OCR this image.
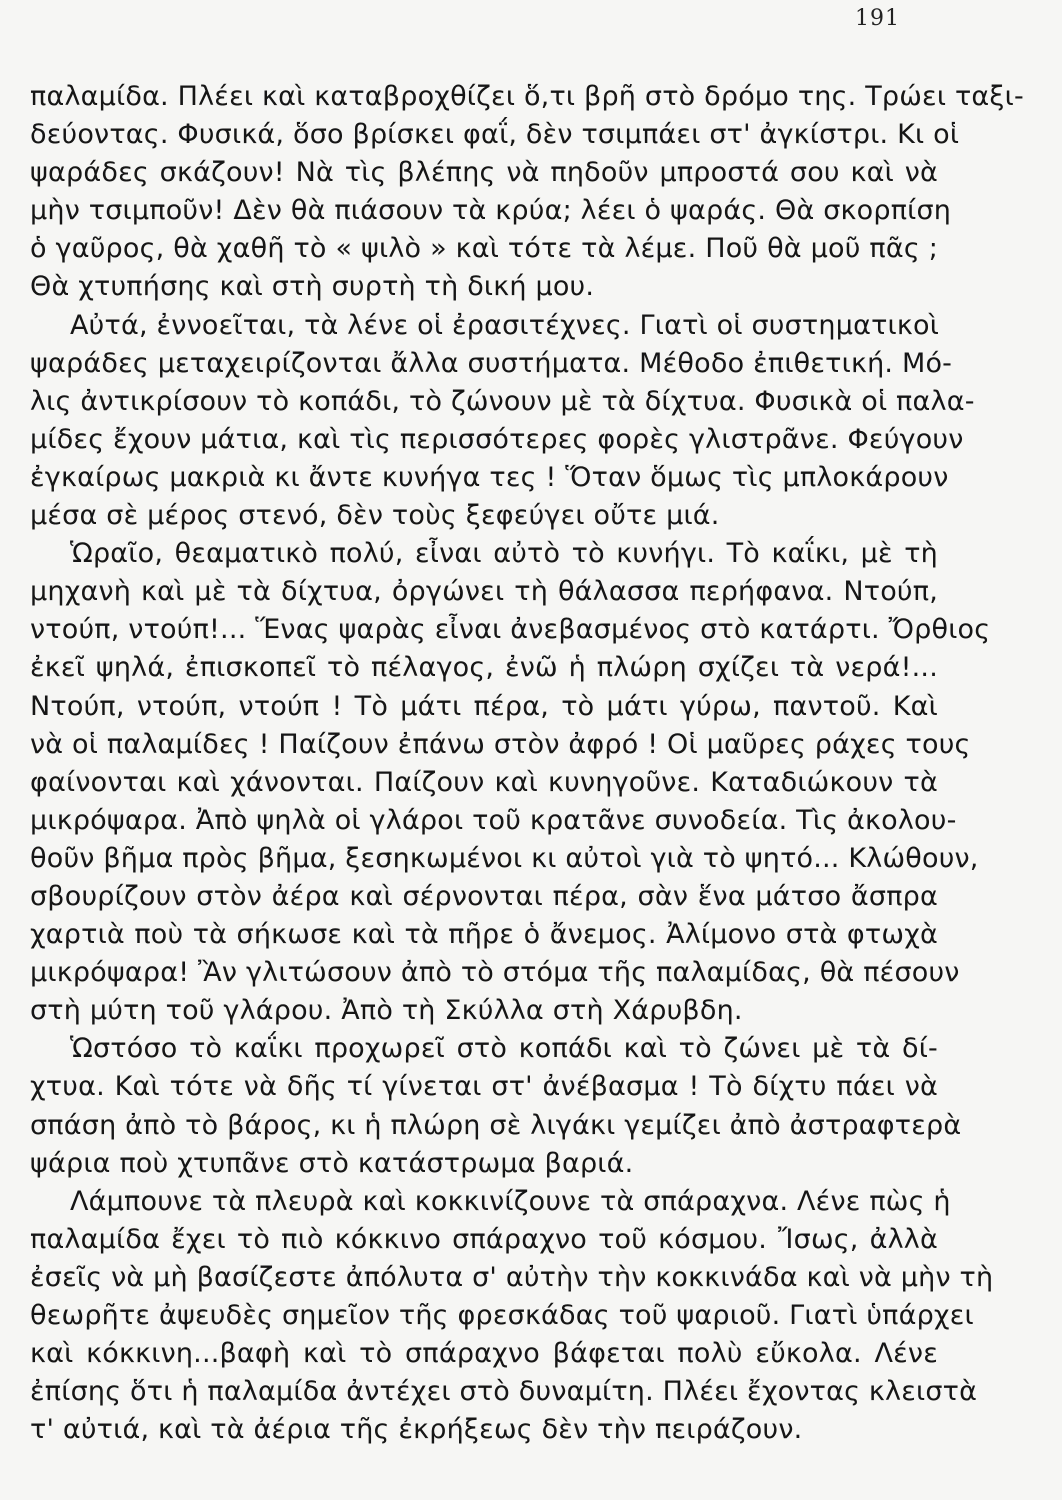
191
παλαμίδα. Πλέει καὶ καταβροχθίζει ὅ,τι βρῆ στὸ δρόμο της. Τρώει ταξι-
δεύοντας. Φυσικά, ὅσο βρίσκει φαΐ, δὲν τσιμπάει στ' ἀγκίστρι. Κι οἱ
ψαράδες σκάζουν! Νὰ τὶς βλέπης νὰ πηδοῦν μπροστά σου καὶ νὰ
μὴν τσιμποῦν! Δὲν θὰ πιάσουν τὰ κρύα; λέει ὁ ψαράς. Θὰ σκορπίση
ὁ γαῦρος, θὰ χαθῆ τὸ « ψιλὸ » καὶ τότε τὰ λέμε. Ποῦ θὰ μοῦ πᾶς ;
Θὰ χτυπήσης καὶ στὴ συρτὴ τὴ δική μου.
Αὐτά, ἐννοεῖται, τὰ λένε οἱ ἐρασιτέχνες. Γιατὶ οἱ συστηματικοὶ
ψαράδες μεταχειρίζονται ἄλλα συστήματα. Μέθοδο ἐπιθετική. Μό-
λις ἀντικρίσουν τὸ κοπάδι, τὸ ζώνουν μὲ τὰ δίχτυα. Φυσικὰ οἱ παλα-
μίδες ἔχουν μάτια, καὶ τὶς περισσότερες φορὲς γλιστρᾶνε. Φεύγουν
ἐγκαίρως μακριὰ κι ἄντε κυνήγα τες ! Ὅταν ὅμως τὶς μπλοκάρουν
μέσα σὲ μέρος στενό, δὲν τοὺς ξεφεύγει οὔτε μιά.
Ὡραῖο, θεαματικὸ πολύ, εἶναι αὐτὸ τὸ κυνήγι. Τὸ καΐκι, μὲ τὴ
μηχανὴ καὶ μὲ τὰ δίχτυα, ὀργώνει τὴ θάλασσα περήφανα. Ντούπ,
ντούπ, ντούπ!... Ἕνας ψαρὰς εἶναι ἀνεβασμένος στὸ κατάρτι. Ὄρθιος
ἐκεῖ ψηλά, ἐπισκοπεῖ τὸ πέλαγος, ἐνῶ ἡ πλώρη σχίζει τὰ νερά!...
Ντούπ, ντούπ, ντούπ ! Τὸ μάτι πέρα, τὸ μάτι γύρω, παντοῦ. Καὶ
νὰ οἱ παλαμίδες ! Παίζουν ἐπάνω στὸν ἀφρό ! Οἱ μαῦρες ράχες τους
φαίνονται καὶ χάνονται. Παίζουν καὶ κυνηγοῦνε. Καταδιώκουν τὰ
μικρόψαρα. Ἀπὸ ψηλὰ οἱ γλάροι τοῦ κρατᾶνε συνοδεία. Τὶς ἀκολου-
θοῦν βῆμα πρὸς βῆμα, ξεσηκωμένοι κι αὐτοὶ γιὰ τὸ ψητό... Κλώθουν,
σβουρίζουν στὸν ἀέρα καὶ σέρνονται πέρα, σὰν ἕνα μάτσο ἄσπρα
χαρτιὰ ποὺ τὰ σήκωσε καὶ τὰ πῆρε ὁ ἄνεμος. Ἀλίμονο στὰ φτωχὰ
μικρόψαρα! Ἂν γλιτώσουν ἀπὸ τὸ στόμα τῆς παλαμίδας, θὰ πέσουν
στὴ μύτη τοῦ γλάρου. Ἀπὸ τὴ Σκύλλα στὴ Χάρυβδη.
Ὡστόσο τὸ καΐκι προχωρεῖ στὸ κοπάδι καὶ τὸ ζώνει μὲ τὰ δί-
χτυα. Καὶ τότε νὰ δῆς τί γίνεται στ' ἀνέβασμα ! Τὸ δίχτυ πάει νὰ
σπάση ἀπὸ τὸ βάρος, κι ἡ πλώρη σὲ λιγάκι γεμίζει ἀπὸ ἀστραφτερὰ
ψάρια ποὺ χτυπᾶνε στὸ κατάστρωμα βαριά.
Λάμπουνε τὰ πλευρὰ καὶ κοκκινίζουνε τὰ σπάραχνα. Λένε πὼς ἡ
παλαμίδα ἔχει τὸ πιὸ κόκκινο σπάραχνο τοῦ κόσμου. Ἴσως, ἀλλὰ
ἐσεῖς νὰ μὴ βασίζεστε ἀπόλυτα σ' αὐτὴν τὴν κοκκινάδα καὶ νὰ μὴν τὴ
θεωρῆτε ἀψευδὲς σημεῖον τῆς φρεσκάδας τοῦ ψαριοῦ. Γιατὶ ὑπάρχει
καὶ κόκκινη...βαφὴ καὶ τὸ σπάραχνο βάφεται πολὺ εὔκολα. Λένε
ἐπίσης ὅτι ἡ παλαμίδα ἀντέχει στὸ δυναμίτη. Πλέει ἔχοντας κλειστὰ
τ' αὐτιά, καὶ τὰ ἀέρια τῆς ἐκρήξεως δὲν τὴν πειράζουν.
